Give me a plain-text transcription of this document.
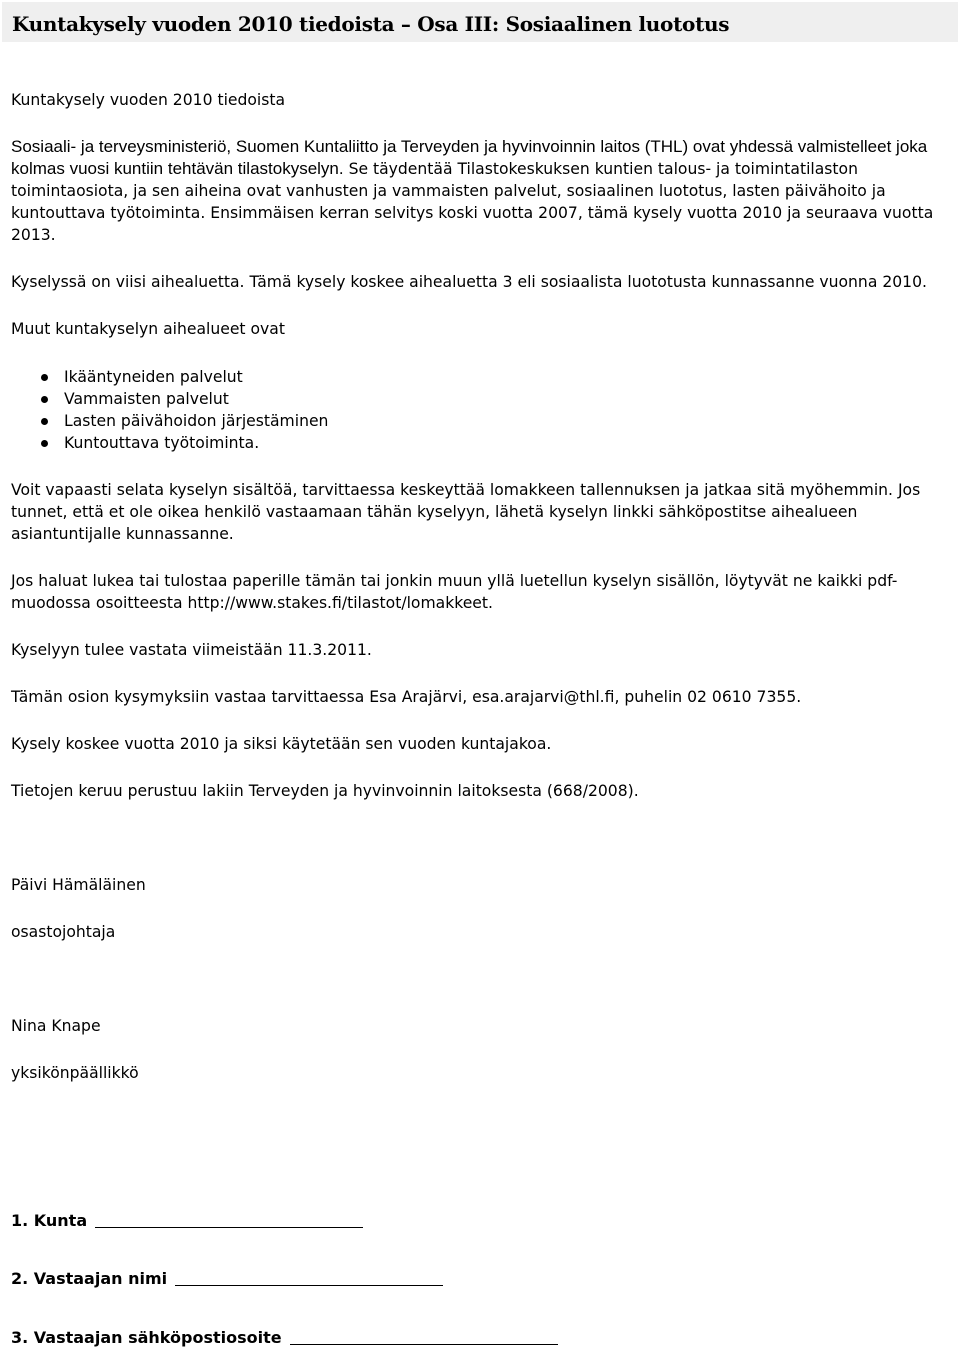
Kuntakysely vuoden 2010 tiedoista – Osa III: Sosiaalinen luototus

Kuntakysely vuoden 2010 tiedoista

Sosiaali- ja terveysministeriö, Suomen Kuntaliitto ja Terveyden ja hyvinvoinnin laitos (THL) ovat yhdessä valmistelleet joka kolmas vuosi kuntiin tehtävän tilastokyselyn. Se täydentää Tilastokeskuksen kuntien talous- ja toimintatilaston toimintaosiota, ja sen aiheina ovat vanhusten ja vammaisten palvelut, sosiaalinen luototus, lasten päivähoito ja kuntouttava työtoiminta. Ensimmäisen kerran selvitys koski vuotta 2007, tämä kysely vuotta 2010 ja seuraava vuotta 2013.

Kyselyssä on viisi aihealuetta. Tämä kysely koskee aihealuetta 3 eli sosiaalista luototusta kunnassanne vuonna 2010.

Muut kuntakyselyn aihealueet ovat

Ikääntyneiden palvelut
Vammaisten palvelut
Lasten päivähoidon järjestäminen
Kuntouttava työtoiminta.

Voit vapaasti selata kyselyn sisältöä, tarvittaessa keskeyttää lomakkeen tallennuksen ja jatkaa sitä myöhemmin. Jos tunnet, että et ole oikea henkilö vastaamaan tähän kyselyyn, lähetä kyselyn linkki sähköpostitse aihealueen asiantuntijalle kunnassanne.

Jos haluat lukea tai tulostaa paperille tämän tai jonkin muun yllä luetellun kyselyn sisällön, löytyvät ne kaikki pdf-muodossa osoitteesta http://www.stakes.fi/tilastot/lomakkeet.

Kyselyyn tulee vastata viimeistään 11.3.2011.

Tämän osion kysymyksiin vastaa tarvittaessa Esa Arajärvi, esa.arajarvi@thl.fi, puhelin 02 0610 7355.

Kysely koskee vuotta 2010 ja siksi käytetään sen vuoden kuntajakoa.

Tietojen keruu perustuu lakiin Terveyden ja hyvinvoinnin laitoksesta (668/2008).

Päivi Hämäläinen

osastojohtaja

Nina Knape

yksikönpäällikkö

1. Kunta
2. Vastaajan nimi
3. Vastaajan sähköpostiosoite
